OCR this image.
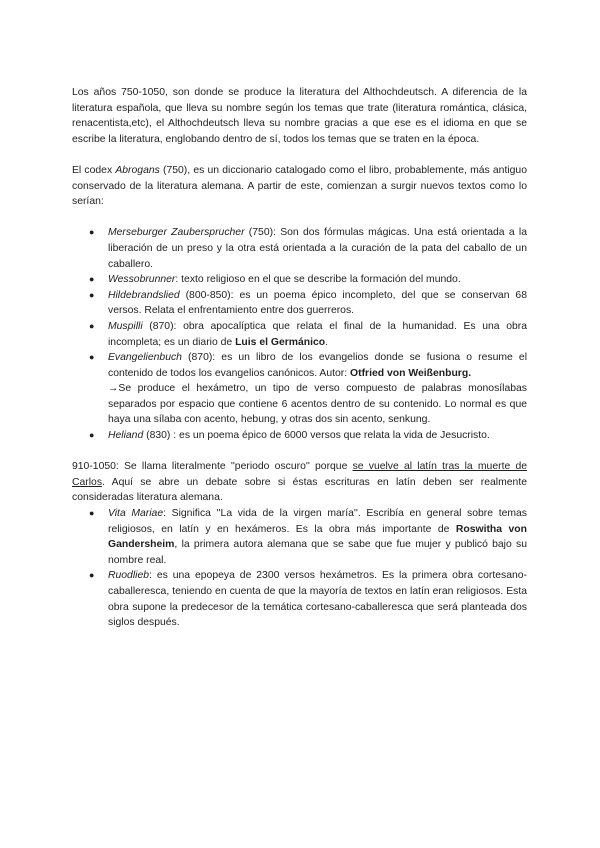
Los años 750-1050, son donde se produce la literatura del Althochdeutsch. A diferencia de la literatura española, que lleva su nombre según los temas que trate (literatura romántica, clásica, renacentista,etc), el Althochdeutsch lleva su nombre gracias a que ese es el idioma en que se escribe la literatura, englobando dentro de sí, todos los temas que se traten en la época.

El codex Abrogans (750), es un diccionario catalogado como el libro, probablemente, más antiguo conservado de la literatura alemana. A partir de este, comienzan a surgir nuevos textos como lo serían:

● Merseburger Zaubersprucher (750): Son dos fórmulas mágicas. Una está orientada a la liberación de un preso y la otra está orientada a la curación de la pata del caballo de un caballero.
● Wessobrunner: texto religioso en el que se describe la formación del mundo.
● Hildebrandslied (800-850): es un poema épico incompleto, del que se conservan 68 versos. Relata el enfrentamiento entre dos guerreros.
● Muspilli (870): obra apocalíptica que relata el final de la humanidad. Es una obra incompleta; es un diario de Luis el Germánico.
● Evangelienbuch (870): es un libro de los evangelios donde se fusiona o resume el contenido de todos los evangelios canónicos. Autor: Otfried von Weißenburg.
→Se produce el hexámetro, un tipo de verso compuesto de palabras monosílabas separados por espacio que contiene 6 acentos dentro de su contenido. Lo normal es que haya una sílaba con acento, hebung, y otras dos sin acento, senkung.
● Heliand (830) : es un poema épico de 6000 versos que relata la vida de Jesucristo.

910-1050: Se llama literalmente ''periodo oscuro'' porque se vuelve al latín tras la muerte de Carlos. Aquí se abre un debate sobre si éstas escrituras en latín deben ser realmente consideradas literatura alemana.

● Vita Mariae: Significa ''La vida de la virgen maría''. Escribía en general sobre temas religiosos, en latín y en hexámeros. Es la obra más importante de Roswitha von Gandersheim, la primera autora alemana que se sabe que fue mujer y publicó bajo su nombre real.
● Ruodlieb: es una epopeya de 2300 versos hexámetros. Es la primera obra cortesano-caballeresca, teniendo en cuenta de que la mayoría de textos en latín eran religiosos. Esta obra supone la predecesor de la temática cortesano-caballeresca que será planteada dos siglos después.
